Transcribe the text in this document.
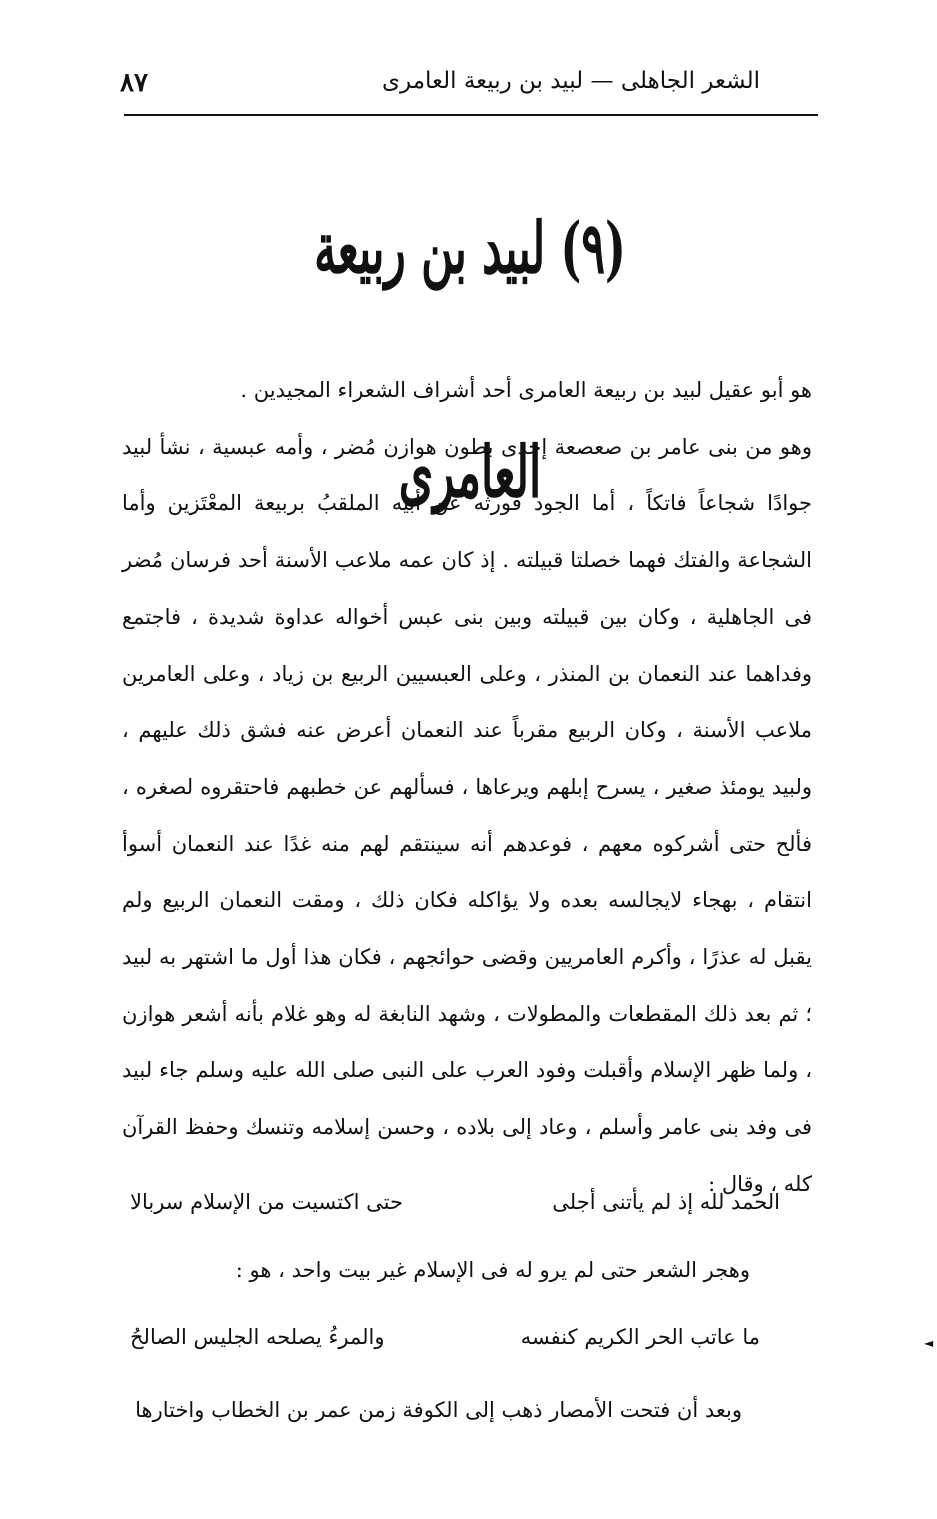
الشعر الجاهلى — لبيد بن ربيعة العامرى
٨٧
(٩) لبيد بن ربيعة العامرى

هو أبو عقيل لبيد بن ربيعة العامرى أحد أشراف الشعراء المجيدين .

وهو من بنى عامر بن صعصعة إحدى بطون هوازن مُضر ، وأمه عبسية ، نشأ لبيد جوادًا شجاعاً فاتكاً ، أما الجود فورثه عن أبيه الملقبُ بربيعة المعْتَزين وأما الشجاعة والفتك فهما خصلتا قبيلته . إذ كان عمه ملاعب الأسنة أحد فرسان مُضر فى الجاهلية ، وكان بين قبيلته وبين بنى عبس أخواله عداوة شديدة ، فاجتمع وفداهما عند النعمان بن المنذر ، وعلى العبسيين الربيع بن زياد ، وعلى العامرين ملاعب الأسنة ، وكان الربيع مقرباً عند النعمان أعرض عنه فشق ذلك عليهم ، ولبيد يومئذ صغير ، يسرح إبلهم ويرعاها ، فسألهم عن خطبهم فاحتقروه لصغره ، فألح حتى أشركوه معهم ، فوعدهم أنه سينتقم لهم منه غدًا عند النعمان أسوأ انتقام ، بهجاء لايجالسه بعده ولا يؤاكله فكان ذلك ، ومقت النعمان الربيع ولم يقبل له عذرًا ، وأكرم العامريين وقضى حوائجهم ، فكان هذا أول ما اشتهر به لبيد ؛ ثم بعد ذلك المقطعات والمطولات ، وشهد النابغة له وهو غلام بأنه أشعر هوازن ، ولما ظهر الإسلام وأقبلت وفود العرب على النبى صلى الله عليه وسلم جاء لبيد فى وفد بنى عامر وأسلم ، وعاد إلى بلاده ، وحسن إسلامه وتنسك وحفظ القرآن كله ، وقال :

الحمد لله إذ لم يأتنى أجلى
حتى اكتسيت من الإسلام سربالا
وهجر الشعر حتى لم يرو له فى الإسلام غير بيت واحد ، هو :
ما عاتب الحر الكريم كنفسه
والمرءُ يصلحه الجليس الصالحُ
وبعد أن فتحت الأمصار ذهب إلى الكوفة زمن عمر بن الخطاب واختارها
◄
